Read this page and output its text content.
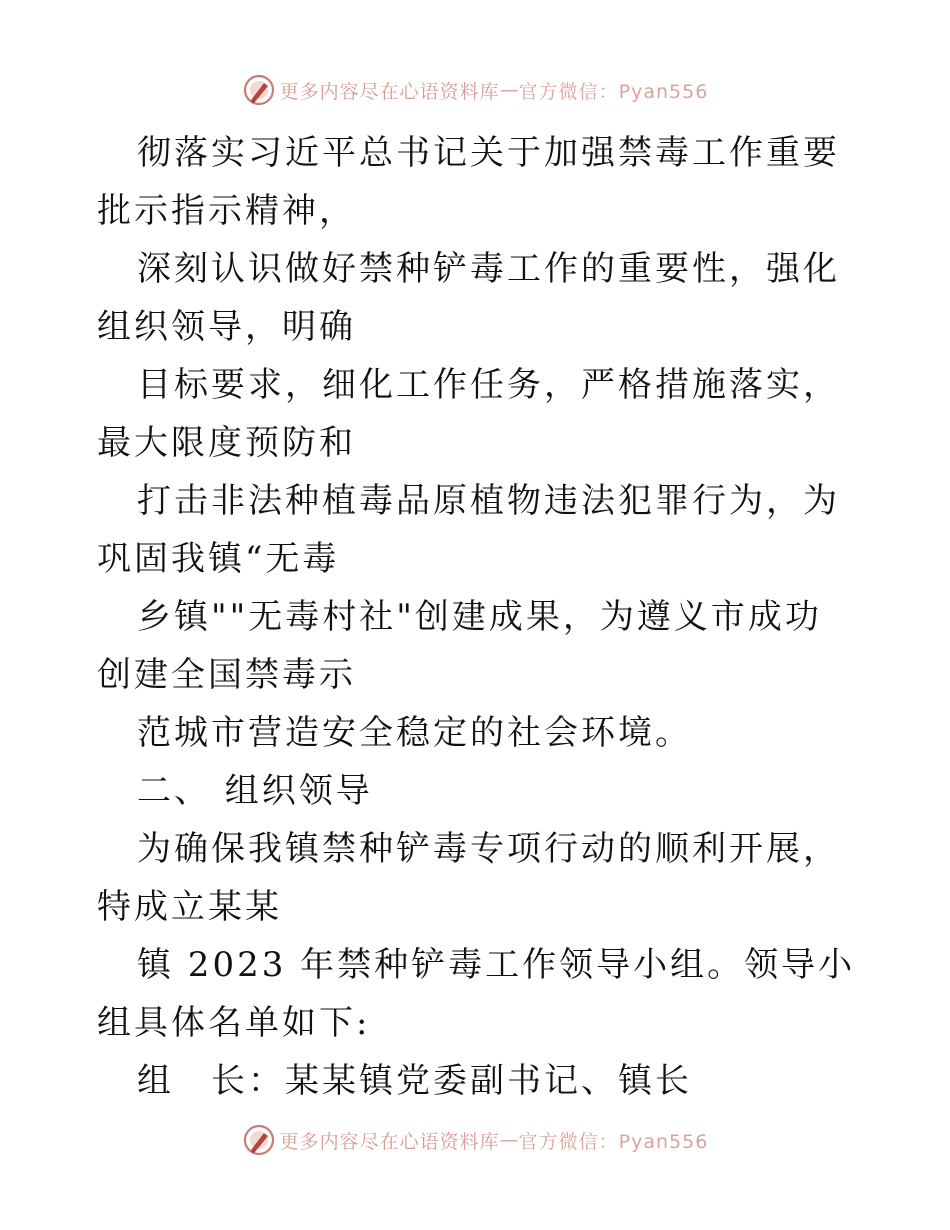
更多内容尽在心语资料库 — 官方微信：Pyan556

彻落实习近平总书记关于加强禁毒工作重要批示指示精神，

深刻认识做好禁种铲毒工作的重要性，强化组织领导，明确

目标要求，细化工作任务，严格措施落实，最大限度预防和

打击非法种植毒品原植物违法犯罪行为，为巩固我镇“无毒

乡镇""无毒村社"创建成果，为遵义市成功创建全国禁毒示

范城市营造安全稳定的社会环境。

二、 组织领导

为确保我镇禁种铲毒专项行动的顺利开展，特成立某某

镇 2023 年禁种铲毒工作领导小组。领导小组具体名单如下:

组　长：某某镇党委副书记、镇长

更多内容尽在心语资料库 — 官方微信：Pyan556
